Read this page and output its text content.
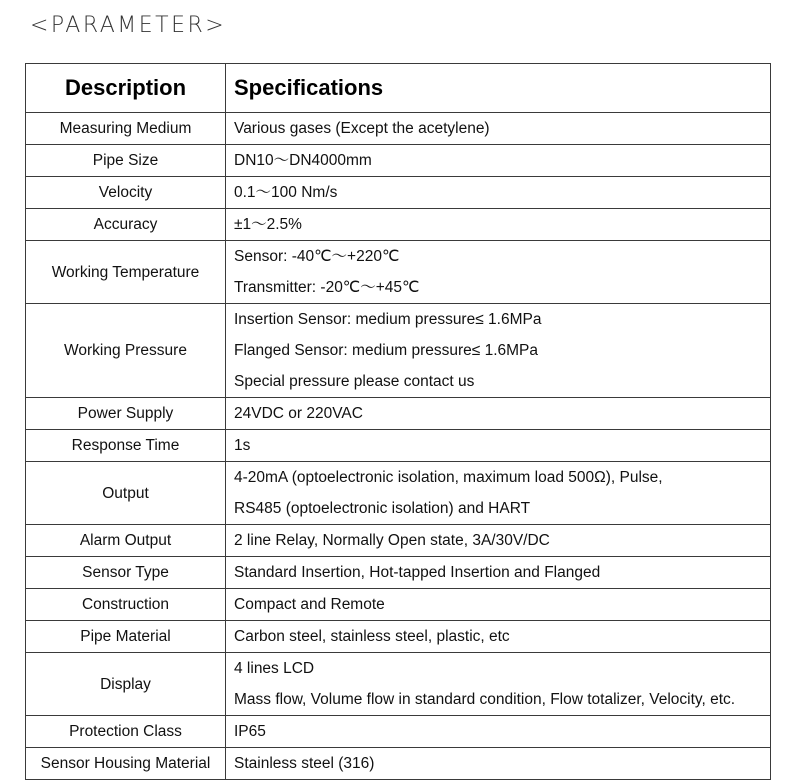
<PARAMETER>
Description	Specifications
Measuring Medium	Various gases (Except the acetylene)

Pipe Size	DN10～DN4000mm

Velocity	0.1～100 Nm/s

Accuracy	±1～2.5%

Working Temperature	Sensor: -40℃～+220℃
Transmitter: -20℃～+45℃

Working Pressure	Insertion Sensor: medium pressure≤ 1.6MPa
Flanged Sensor: medium pressure≤ 1.6MPa
Special pressure please contact us

Power Supply	24VDC or 220VAC

Response Time	1s

Output	4-20mA (optoelectronic isolation, maximum load 500Ω), Pulse,
RS485 (optoelectronic isolation) and HART

Alarm Output	2 line Relay, Normally Open state, 3A/30V/DC

Sensor Type	Standard Insertion, Hot-tapped Insertion and Flanged

Construction	Compact and Remote

Pipe Material	Carbon steel, stainless steel, plastic, etc

Display	4 lines LCD
Mass flow, Volume flow in standard condition, Flow totalizer, Velocity, etc.

Protection Class	IP65

Sensor Housing Material	Stainless steel (316)
